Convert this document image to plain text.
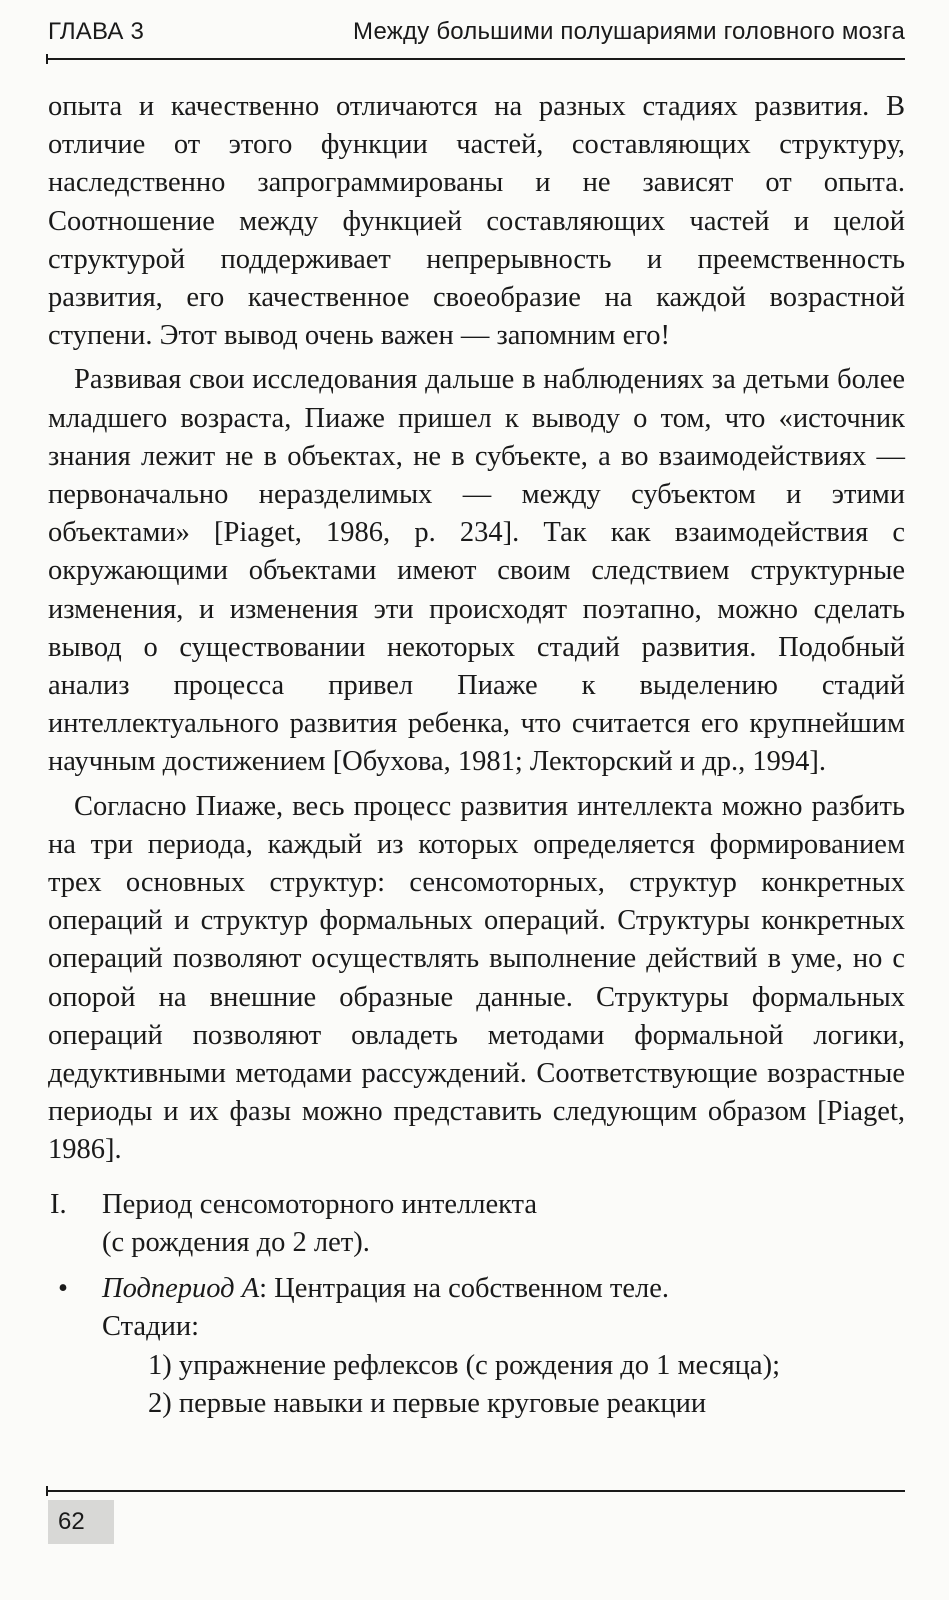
ГЛАВА 3	Между большими полушариями головного мозга

опыта и качественно отличаются на разных стадиях развития. В отличие от этого функции частей, составляющих структуру, наследственно запрограммированы и не зависят от опыта. Соотношение между функцией составляющих частей и целой структурой поддерживает непрерывность и преемственность развития, его качественное своеобразие на каждой возрастной ступени. Этот вывод очень важен — запомним его!

Развивая свои исследования дальше в наблюдениях за детьми более младшего возраста, Пиаже пришел к выводу о том, что «источник знания лежит не в объектах, не в субъекте, а во взаимодействиях — первоначально неразделимых — между субъектом и этими объектами» [Piaget, 1986, p. 234]. Так как взаимодействия с окружающими объектами имеют своим следствием структурные изменения, и изменения эти происходят поэтапно, можно сделать вывод о существовании некоторых стадий развития. Подобный анализ процесса привел Пиаже к выделению стадий интеллектуального развития ребенка, что считается его крупнейшим научным достижением [Обухова, 1981; Лекторский и др., 1994].

Согласно Пиаже, весь процесс развития интеллекта можно разбить на три периода, каждый из которых определяется формированием трех основных структур: сенсомоторных, структур конкретных операций и структур формальных операций. Структуры конкретных операций позволяют осуществлять выполнение действий в уме, но с опорой на внешние образные данные. Структуры формальных операций позволяют овладеть методами формальной логики, дедуктивными методами рассуждений. Соответствующие возрастные периоды и их фазы можно представить следующим образом [Piaget, 1986].

I. Период сенсомоторного интеллекта
(с рождения до 2 лет).
• Подпериод А: Центрация на собственном теле.
Стадии:
1) упражнение рефлексов (с рождения до 1 месяца);
2) первые навыки и первые круговые реакции
62
